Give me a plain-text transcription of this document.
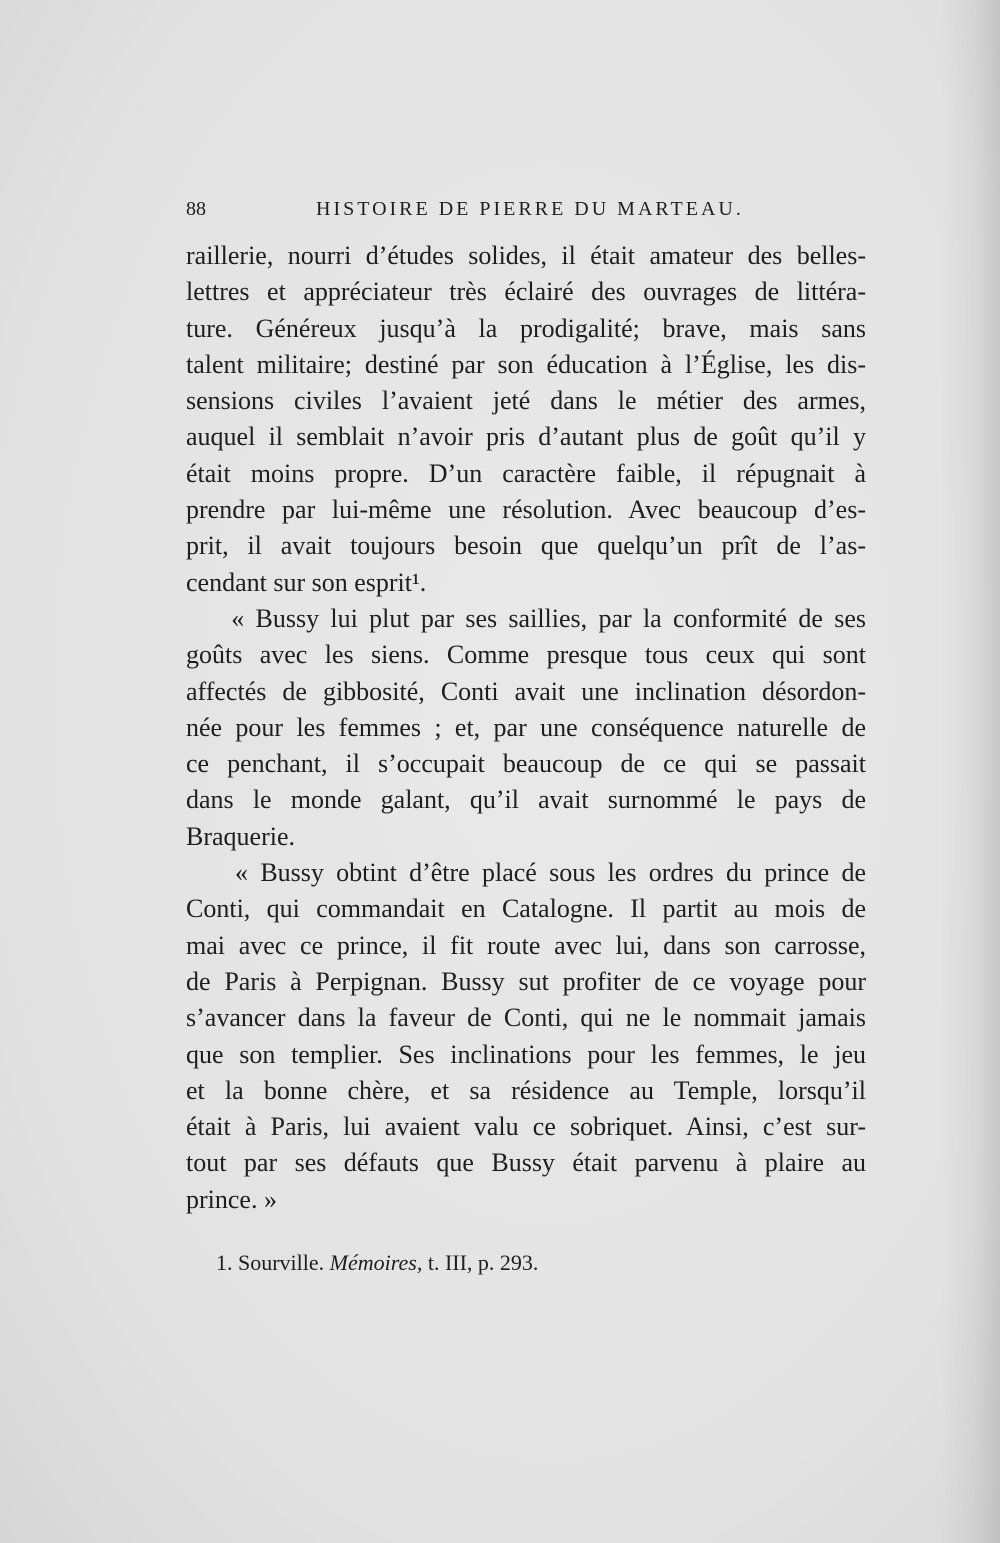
88	HISTOIRE DE PIERRE DU MARTEAU.
raillerie, nourri d’études solides, il était amateur des belles-
lettres et appréciateur très éclairé des ouvrages de littéra-
ture. Généreux jusqu’à la prodigalité; brave, mais sans
talent militaire; destiné par son éducation à l’Église, les dis-
sensions civiles l’avaient jeté dans le métier des armes,
auquel il semblait n’avoir pris d’autant plus de goût qu’il y
était moins propre. D’un caractère faible, il répugnait à
prendre par lui-même une résolution. Avec beaucoup d’es-
prit, il avait toujours besoin que quelqu’un prît de l’as-
cendant sur son esprit¹.
« Bussy lui plut par ses saillies, par la conformité de ses
goûts avec les siens. Comme presque tous ceux qui sont
affectés de gibbosité, Conti avait une inclination désordon-
née pour les femmes ; et, par une conséquence naturelle de
ce penchant, il s’occupait beaucoup de ce qui se passait
dans le monde galant, qu’il avait surnommé le pays de
Braquerie.
« Bussy obtint d’être placé sous les ordres du prince de
Conti, qui commandait en Catalogne. Il partit au mois de
mai avec ce prince, il fit route avec lui, dans son carrosse,
de Paris à Perpignan. Bussy sut profiter de ce voyage pour
s’avancer dans la faveur de Conti, qui ne le nommait jamais
que son templier. Ses inclinations pour les femmes, le jeu
et la bonne chère, et sa résidence au Temple, lorsqu’il
était à Paris, lui avaient valu ce sobriquet. Ainsi, c’est sur-
tout par ses défauts que Bussy était parvenu à plaire au
prince. »
1. Sourville. Mémoires, t. III, p. 293.
